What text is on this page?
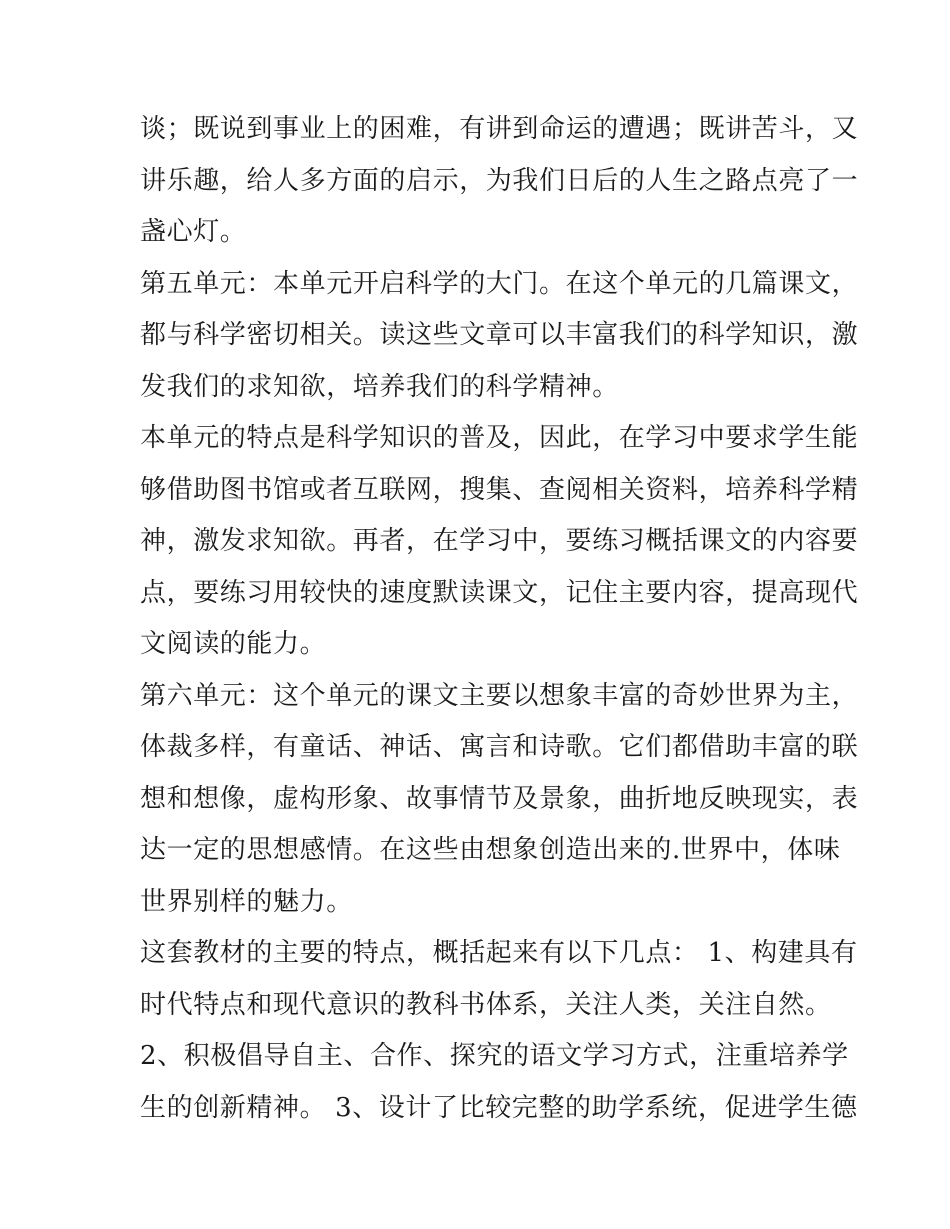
谈；既说到事业上的困难，有讲到命运的遭遇；既讲苦斗，又
讲乐趣，给人多方面的启示，为我们日后的人生之路点亮了一
盏心灯。
第五单元：本单元开启科学的大门。在这个单元的几篇课文，
都与科学密切相关。读这些文章可以丰富我们的科学知识，激
发我们的求知欲，培养我们的科学精神。
本单元的特点是科学知识的普及，因此，在学习中要求学生能
够借助图书馆或者互联网，搜集、查阅相关资料，培养科学精
神，激发求知欲。再者，在学习中，要练习概括课文的内容要
点，要练习用较快的速度默读课文，记住主要内容，提高现代
文阅读的能力。
第六单元：这个单元的课文主要以想象丰富的奇妙世界为主，
体裁多样，有童话、神话、寓言和诗歌。它们都借助丰富的联
想和想像，虚构形象、故事情节及景象，曲折地反映现实，表
达一定的思想感情。在这些由想象创造出来的.世界中，体味
世界别样的魅力。
这套教材的主要的特点，概括起来有以下几点： 1、构建具有
时代特点和现代意识的教科书体系，关注人类，关注自然。
2、积极倡导自主、合作、探究的语文学习方式，注重培养学
生的创新精神。 3、设计了比较完整的助学系统，促进学生德
